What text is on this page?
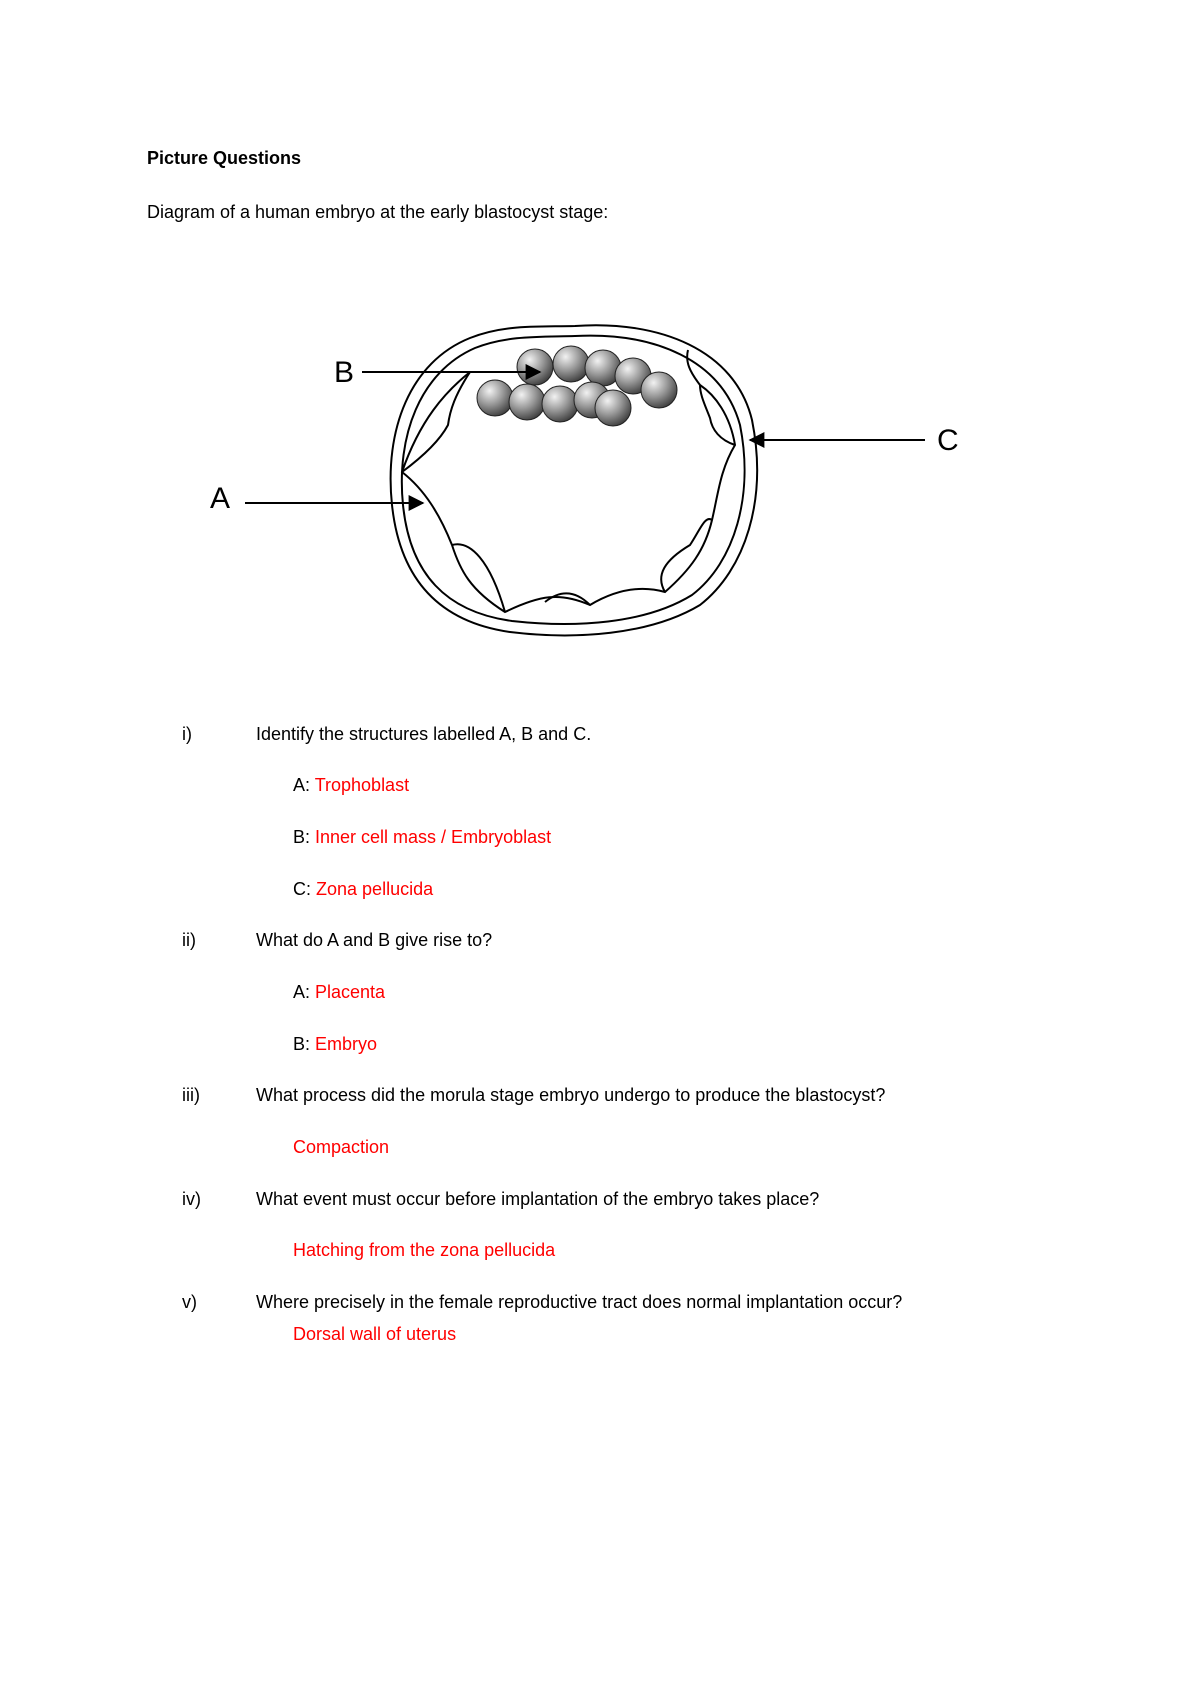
Picture Questions
Diagram of a human embryo at the early blastocyst stage:
B
C
A
i)	Identify the structures labelled A, B and C.
A: Trophoblast
B: Inner cell mass / Embryoblast
C: Zona pellucida
ii)	What do A and B give rise to?
A: Placenta
B: Embryo
iii)	What process did the morula stage embryo undergo to produce the blastocyst?
Compaction
iv)	What event must occur before implantation of the embryo takes place?
Hatching from the zona pellucida
v)	Where precisely in the female reproductive tract does normal implantation occur?
Dorsal wall of uterus
